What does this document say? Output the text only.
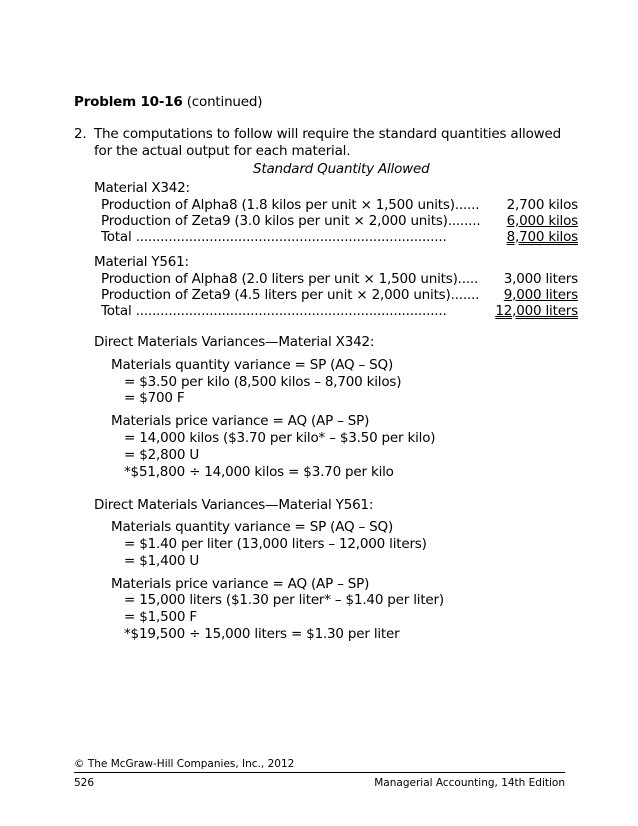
Problem 10-16 (continued)
2. The computations to follow will require the standard quantities allowed
for the actual output for each material.
Standard Quantity Allowed
Material X342:
Production of Alpha8 (1.8 kilos per unit × 1,500 units)...... 2,700 kilos
Production of Zeta9 (3.0 kilos per unit × 2,000 units)........ 6,000 kilos
Total ............................................................................	8,700 kilos
Material Y561:
Production of Alpha8 (2.0 liters per unit × 1,500 units)..... 3,000 liters
Production of Zeta9 (4.5 liters per unit × 2,000 units)....... 9,000 liters
Total ............................................................................	12,000 liters
Direct Materials Variances—Material X342:
Materials quantity variance = SP (AQ – SQ)
= $3.50 per kilo (8,500 kilos – 8,700 kilos)
= $700 F
Materials price variance = AQ (AP – SP)
= 14,000 kilos ($3.70 per kilo* – $3.50 per kilo)
= $2,800 U
*$51,800 ÷ 14,000 kilos = $3.70 per kilo
Direct Materials Variances—Material Y561:
Materials quantity variance = SP (AQ – SQ)
= $1.40 per liter (13,000 liters – 12,000 liters)
= $1,400 U
Materials price variance = AQ (AP – SP)
= 15,000 liters ($1.30 per liter* – $1.40 per liter)
= $1,500 F
*$19,500 ÷ 15,000 liters = $1.30 per liter
© The McGraw-Hill Companies, Inc., 2012
526	Managerial Accounting, 14th Edition
